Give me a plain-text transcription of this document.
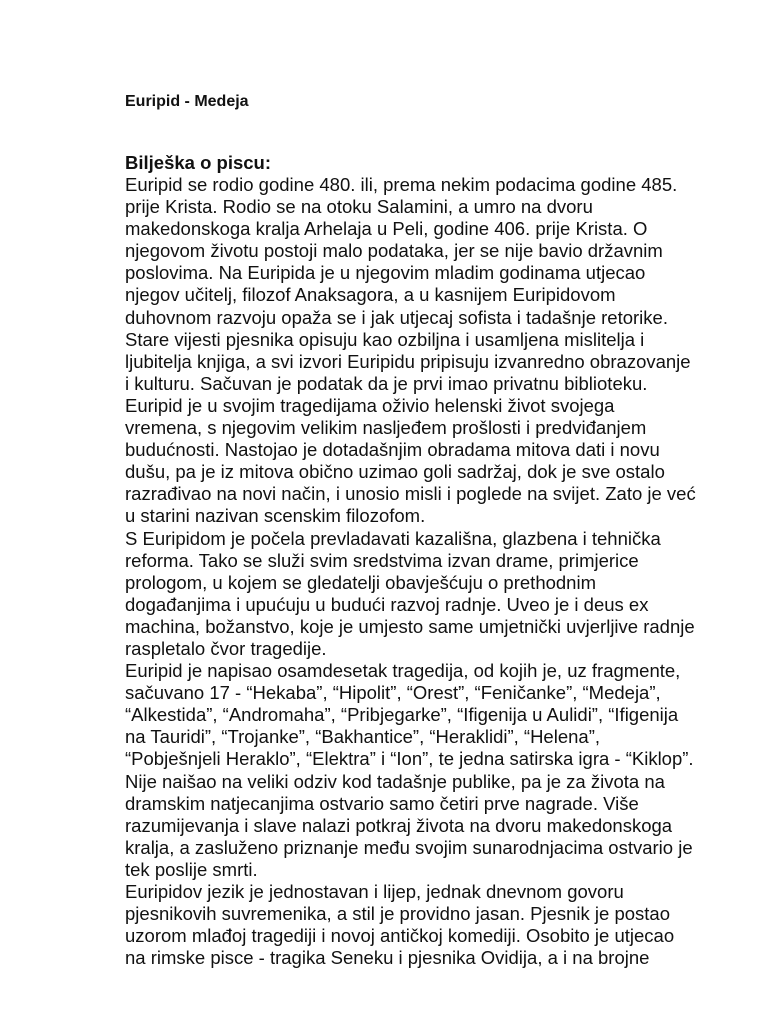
Euripid - Medeja

Bilješka o piscu:

Euripid se rodio godine 480. ili, prema nekim podacima godine 485.

prije Krista. Rodio se na otoku Salamini, a umro na dvoru

makedonskoga kralja Arhelaja u Peli, godine 406. prije Krista. O

njegovom životu postoji malo podataka, jer se nije bavio državnim

poslovima. Na Euripida je u njegovim mladim godinama utjecao

njegov učitelj, filozof Anaksagora, a u kasnijem Euripidovom

duhovnom razvoju opaža se i jak utjecaj sofista i tadašnje retorike.

Stare vijesti pjesnika opisuju kao ozbiljna i usamljena mislitelja i

ljubitelja knjiga, a svi izvori Euripidu pripisuju izvanredno obrazovanje

i kulturu. Sačuvan je podatak da je prvi imao privatnu biblioteku.

Euripid je u svojim tragedijama oživio helenski život svojega

vremena, s njegovim velikim nasljeđem prošlosti i predviđanjem

budućnosti. Nastojao je dotadašnjim obradama mitova dati i novu

dušu, pa je iz mitova obično uzimao goli sadržaj, dok je sve ostalo

razrađivao na novi način, i unosio misli i poglede na svijet. Zato je već

u starini nazivan scenskim filozofom.

S Euripidom je počela prevladavati kazališna, glazbena i tehnička

reforma. Tako se služi svim sredstvima izvan drame, primjerice

prologom, u kojem se gledatelji obavješćuju o prethodnim

događanjima i upućuju u budući razvoj radnje. Uveo je i deus ex

machina, božanstvo, koje je umjesto same umjetnički uvjerljive radnje

raspletalo čvor tragedije.

Euripid je napisao osamdesetak tragedija, od kojih je, uz fragmente,

sačuvano 17 - “Hekaba”, “Hipolit”, “Orest”, “Feničanke”, “Medeja”,

“Alkestida”, “Andromaha”, “Pribjegarke”, “Ifigenija u Aulidi”, “Ifigenija

na Tauridi”, “Trojanke”, “Bakhantice”, “Heraklidi”, “Helena”,

“Pobješnjeli Heraklo”, “Elektra” i “Ion”, te jedna satirska igra - “Kiklop”.

Nije naišao na veliki odziv kod tadašnje publike, pa je za života na

dramskim natjecanjima ostvario samo četiri prve nagrade. Više

razumijevanja i slave nalazi potkraj života na dvoru makedonskoga

kralja, a zasluženo priznanje među svojim sunarodnjacima ostvario je

tek poslije smrti.

Euripidov jezik je jednostavan i lijep, jednak dnevnom govoru

pjesnikovih suvremenika, a stil je providno jasan. Pjesnik je postao

uzorom mlađoj tragediji i novoj antičkoj komediji. Osobito je utjecao

na rimske pisce - tragika Seneku i pjesnika Ovidija, a i na brojne
